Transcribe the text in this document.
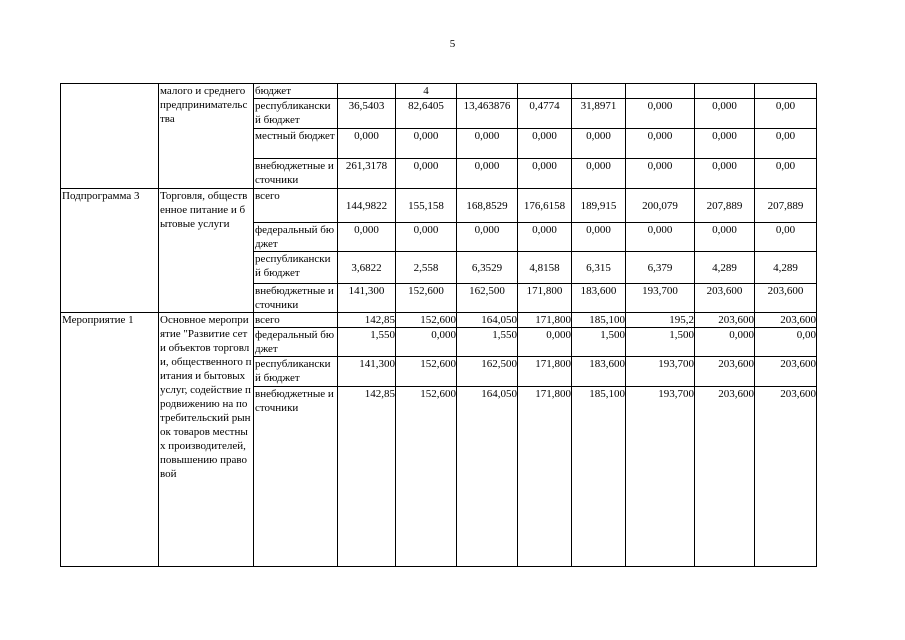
5
	малого и среднего предпринимательства	бюджет		4						
		республиканский бюджет	36,5403	82,6405	13,463876	0,4774	31,8971	0,000	0,000	0,00
		местный бюджет	0,000	0,000	0,000	0,000	0,000	0,000	0,000	0,00
		внебюджетные источники	261,3178	0,000	0,000	0,000	0,000	0,000	0,000	0,00
Подпрограмма 3	Торговля, общественное питание и бытовые услуги	всего	144,9822	155,158	168,8529	176,6158	189,915	200,079	207,889	207,889
		федеральный бюджет	0,000	0,000	0,000	0,000	0,000	0,000	0,000	0,00
		республиканский бюджет	3,6822	2,558	6,3529	4,8158	6,315	6,379	4,289	4,289
		внебюджетные источники	141,300	152,600	162,500	171,800	183,600	193,700	203,600	203,600
Мероприятие 1	Основное мероприятие "Развитие сети объектов торговли, общественного питания и бытовых услуг, содействие продвижению на потребительский рынок товаров местных производителей, повышению правовой	всего	142,85	152,600	164,050	171,800	185,100	195,2	203,600	203,600
		федеральный бюджет	1,550	0,000	1,550	0,000	1,500	1,500	0,000	0,00
		республиканский бюджет	141,300	152,600	162,500	171,800	183,600	193,700	203,600	203,600
		внебюджетные источники	142,85	152,600	164,050	171,800	185,100	193,700	203,600	203,600
